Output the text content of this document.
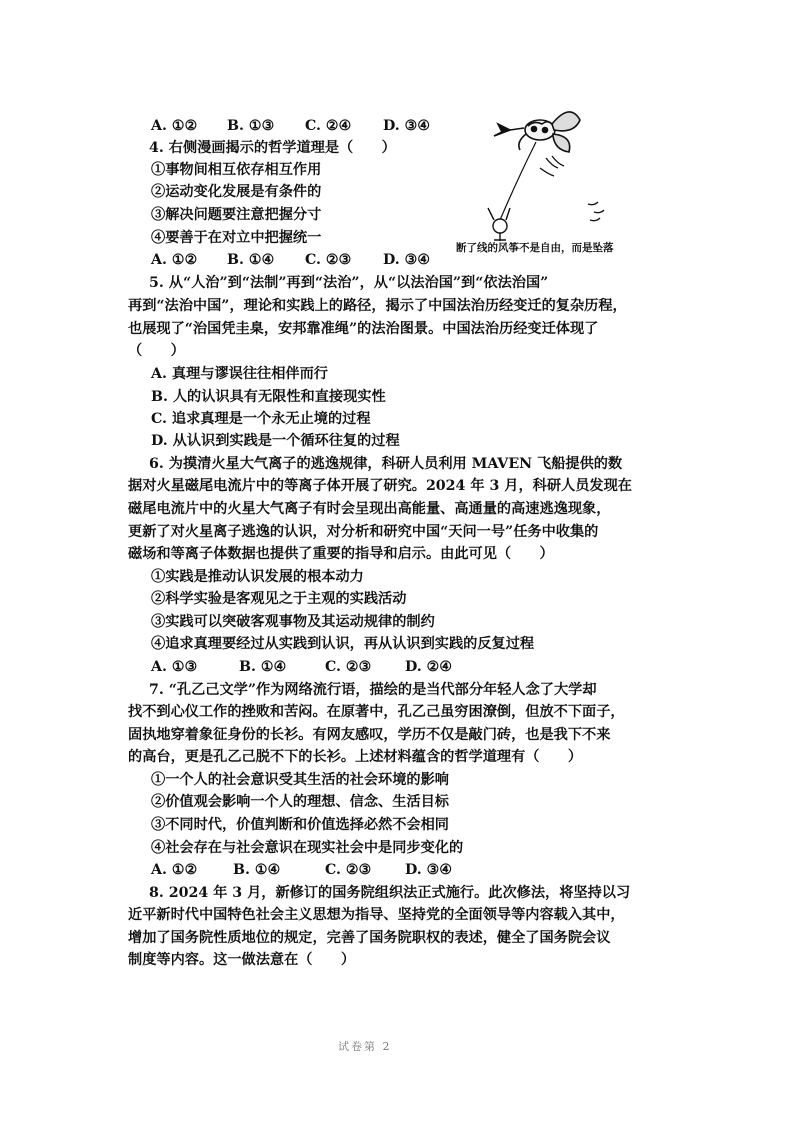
A. ①② B. ①③ C. ②④ D. ③④
4. 右侧漫画揭示的哲学道理是（　　）
①事物间相互依存相互作用
②运动变化发展是有条件的
③解决问题要注意把握分寸
④要善于在对立中把握统一
A. ①② B. ①④ C. ②③ D. ③④
断了线的风筝不是自由，而是坠落
5. 从“人治”到“法制”再到“法治”，从“以法治国”到“依法治国”
再到“法治中国”，理论和实践上的路径，揭示了中国法治历经变迁的复杂历程，
也展现了“治国凭圭臬，安邦靠准绳”的法治图景。中国法治历经变迁体现了
（　　）
A. 真理与谬误往往相伴而行
B. 人的认识具有无限性和直接现实性
C. 追求真理是一个永无止境的过程
D. 从认识到实践是一个循环往复的过程
6. 为摸清火星大气离子的逃逸规律，科研人员利用 MAVEN 飞船提供的数
据对火星磁尾电流片中的等离子体开展了研究。2024 年 3 月，科研人员发现在
磁尾电流片中的火星大气离子有时会呈现出高能量、高通量的高速逃逸现象，
更新了对火星离子逃逸的认识，对分析和研究中国“天问一号”任务中收集的
磁场和等离子体数据也提供了重要的指导和启示。由此可见（　　）
①实践是推动认识发展的根本动力
②科学实验是客观见之于主观的实践活动
③实践可以突破客观事物及其运动规律的制约
④追求真理要经过从实践到认识，再从认识到实践的反复过程
A. ①③	B. ①④	C. ②③ D. ②④
7. “孔乙己文学”作为网络流行语，描绘的是当代部分年轻人念了大学却
找不到心仪工作的挫败和苦闷。在原著中，孔乙己虽穷困潦倒，但放不下面子，
固执地穿着象征身份的长衫。有网友感叹，学历不仅是敲门砖，也是我下不来
的高台，更是孔乙己脱不下的长衫。上述材料蕴含的哲学道理有（　　）
①一个人的社会意识受其生活的社会环境的影响
②价值观会影响一个人的理想、信念、生活目标
③不同时代，价值判断和价值选择必然不会相同
④社会存在与社会意识在现实社会中是同步变化的
A. ①②	B. ①④	C. ②③ D. ③④
8. 2024 年 3 月，新修订的国务院组织法正式施行。此次修法，将坚持以习
近平新时代中国特色社会主义思想为指导、坚持党的全面领导等内容载入其中，
增加了国务院性质地位的规定，完善了国务院职权的表述，健全了国务院会议
制度等内容。这一做法意在（　　）
试卷第 2
